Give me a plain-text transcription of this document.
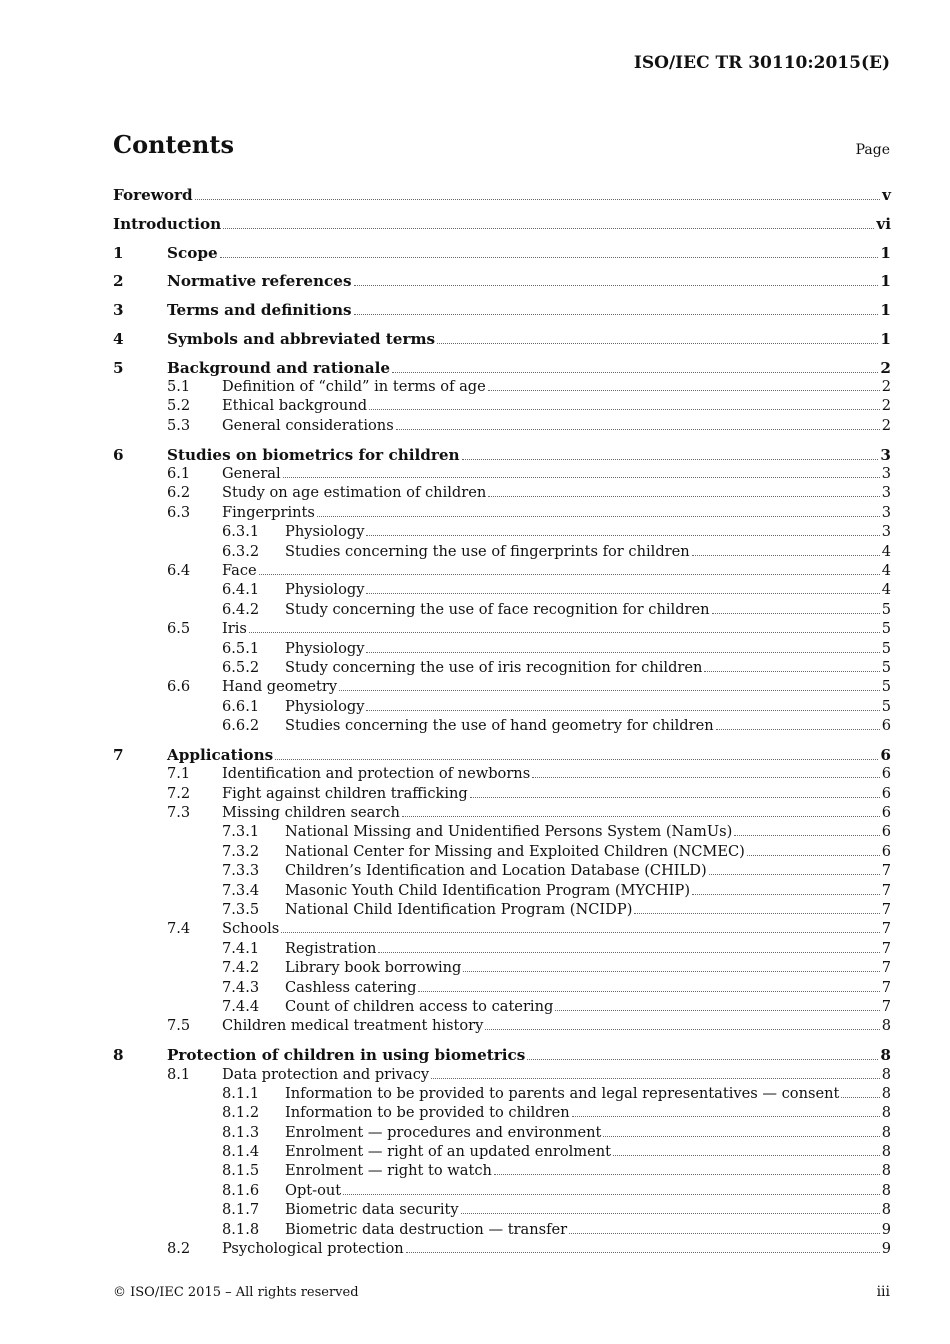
ISO/IEC TR 30110:2015(E)
Contents	Page
Foreword	v
Introduction	vi
1	Scope	1
2	Normative references	1
3	Terms and definitions	1
4	Symbols and abbreviated terms	1
5	Background and rationale	2
5.1 Definition of “child” in terms of age	2
5.2 Ethical background	2
5.3 General considerations	2
6	Studies on biometrics for children	3
6.1 General	3
6.2 Study on age estimation of children	3
6.3 Fingerprints	3
6.3.1 Physiology	3
6.3.2 Studies concerning the use of fingerprints for children	4
6.4 Face	4
6.4.1 Physiology	4
6.4.2 Study concerning the use of face recognition for children	5
6.5 Iris	5
6.5.1 Physiology	5
6.5.2 Study concerning the use of iris recognition for children	5
6.6 Hand geometry	5
6.6.1 Physiology	5
6.6.2 Studies concerning the use of hand geometry for children	6
7	Applications	6
7.1 Identification and protection of newborns	6
7.2 Fight against children trafficking	6
7.3 Missing children search	6
7.3.1 National Missing and Unidentified Persons System (NamUs)	6
7.3.2 National Center for Missing and Exploited Children (NCMEC)	6
7.3.3 Children’s Identification and Location Database (CHILD)	7
7.3.4 Masonic Youth Child Identification Program (MYCHIP)	7
7.3.5 National Child Identification Program (NCIDP)	7
7.4 Schools	7
7.4.1 Registration	7
7.4.2 Library book borrowing	7
7.4.3 Cashless catering	7
7.4.4 Count of children access to catering	7
7.5 Children medical treatment history	8
8	Protection of children in using biometrics	8
8.1 Data protection and privacy	8
8.1.1 Information to be provided to parents and legal representatives — consent	8
8.1.2 Information to be provided to children	8
8.1.3 Enrolment — procedures and environment	8
8.1.4 Enrolment — right of an updated enrolment	8
8.1.5 Enrolment — right to watch	8
8.1.6 Opt-out	8
8.1.7 Biometric data security	8
8.1.8 Biometric data destruction — transfer	9
8.2 Psychological protection	9
© ISO/IEC 2015 – All rights reserved	iii
